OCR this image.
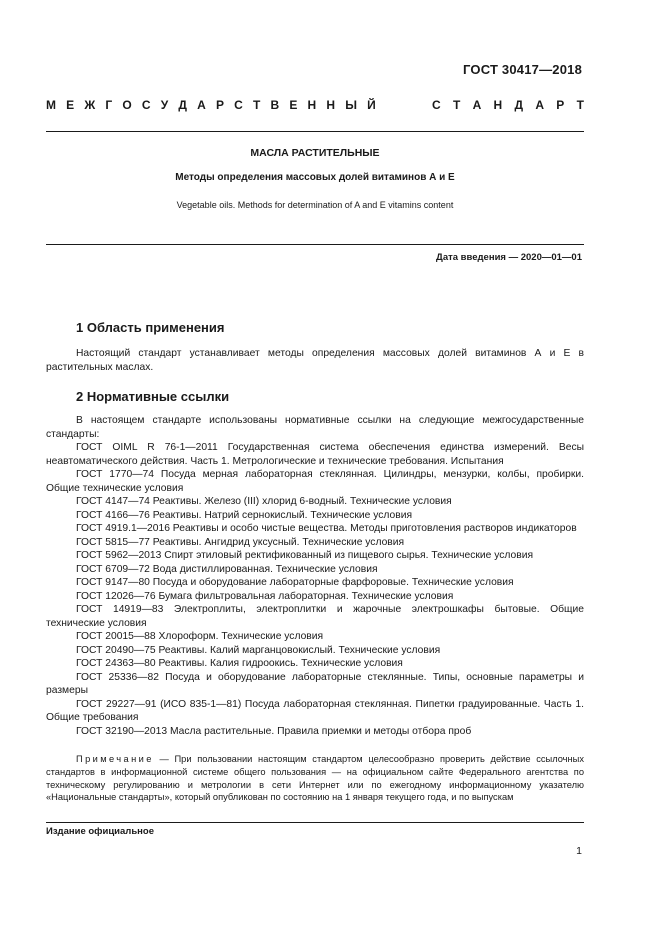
ГОСТ 30417—2018
М Е Ж Г О С У Д А Р С Т В Е Н Н Ы Й	С Т А Н Д А Р Т
МАСЛА РАСТИТЕЛЬНЫЕ
Методы определения массовых долей витаминов А и Е
Vegetable oils. Methods for determination of A and E vitamins content
Дата введения — 2020—01—01
1 Область применения

Настоящий стандарт устанавливает методы определения массовых долей витаминов А и Е в растительных маслах.

2 Нормативные ссылки

В настоящем стандарте использованы нормативные ссылки на следующие межгосударственные стандарты:

ГОСТ OIML R 76-1—2011 Государственная система обеспечения единства измерений. Весы неавтоматического действия. Часть 1. Метрологические и технические требования. Испытания

ГОСТ 1770—74 Посуда мерная лабораторная стеклянная. Цилиндры, мензурки, колбы, пробирки. Общие технические условия

ГОСТ 4147—74 Реактивы. Железо (III) хлорид 6-водный. Технические условия

ГОСТ 4166—76 Реактивы. Натрий сернокислый. Технические условия

ГОСТ 4919.1—2016 Реактивы и особо чистые вещества. Методы приготовления растворов индикаторов

ГОСТ 5815—77 Реактивы. Ангидрид уксусный. Технические условия

ГОСТ 5962—2013 Спирт этиловый ректификованный из пищевого сырья. Технические условия

ГОСТ 6709—72 Вода дистиллированная. Технические условия

ГОСТ 9147—80 Посуда и оборудование лабораторные фарфоровые. Технические условия

ГОСТ 12026—76 Бумага фильтровальная лабораторная. Технические условия

ГОСТ 14919—83 Электроплиты, электроплитки и жарочные электрошкафы бытовые. Общие технические условия

ГОСТ 20015—88 Хлороформ. Технические условия

ГОСТ 20490—75 Реактивы. Калий марганцовокислый. Технические условия

ГОСТ 24363—80 Реактивы. Калия гидроокись. Технические условия

ГОСТ 25336—82 Посуда и оборудование лабораторные стеклянные. Типы, основные параметры и размеры

ГОСТ 29227—91 (ИСО 835-1—81) Посуда лабораторная стеклянная. Пипетки градуированные. Часть 1. Общие требования

ГОСТ 32190—2013 Масла растительные. Правила приемки и методы отбора проб

Примечание — При пользовании настоящим стандартом целесообразно проверить действие ссылочных стандартов в информационной системе общего пользования — на официальном сайте Федерального агентства по техническому регулированию и метрологии в сети Интернет или по ежегодному информационному указателю «Национальные стандарты», который опубликован по состоянию на 1 января текущего года, и по выпускам
Издание официальное
1
